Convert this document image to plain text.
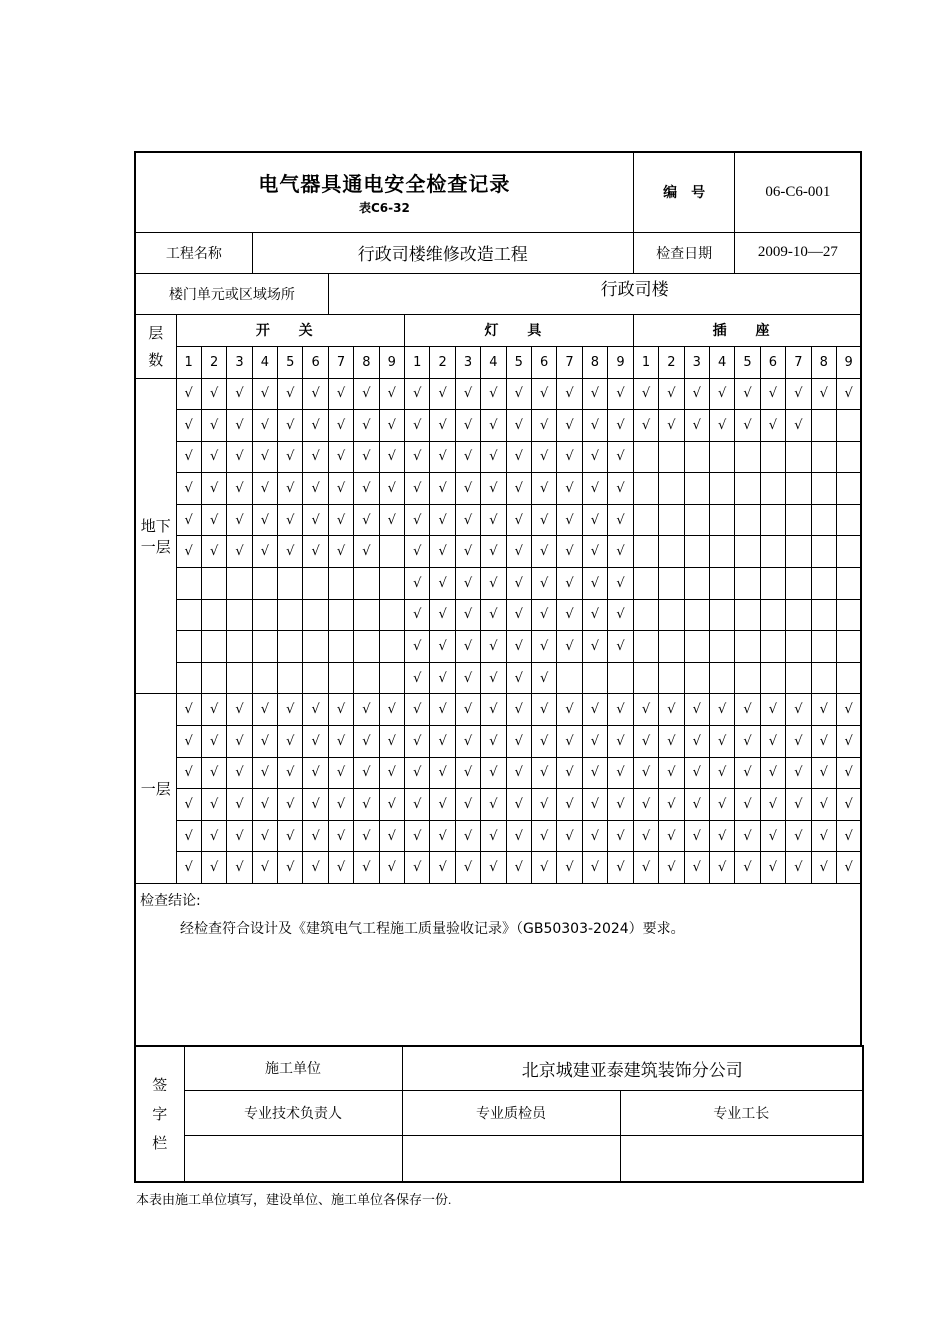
电气器具通电安全检查记录
表C6-32																			编　号				06-C6-001				
工程名称				行政司楼维修改造工程															检查日期				2009-10—27				
楼门单元或区域场所							行政司楼																				

层
数	开 关									灯 具									插 座								
	1	2	3	4	5	6	7	8	9	1	2	3	4	5	6	7	8	9	1	2	3	4	5	6	7	8	9

地下
一层	√	√	√	√	√	√	√	√	√	√	√	√	√	√	√	√	√	√	√	√	√	√	√	√	√	√	√
	√	√	√	√	√	√	√	√	√	√	√	√	√	√	√	√	√	√	√	√	√	√	√	√	√		
	√	√	√	√	√	√	√	√	√	√	√	√	√	√	√	√	√	√									
	√	√	√	√	√	√	√	√	√	√	√	√	√	√	√	√	√	√									
	√	√	√	√	√	√	√	√	√	√	√	√	√	√	√	√	√	√									
	√	√	√	√	√	√	√	√		√	√	√	√	√	√	√	√	√									
										√	√	√	√	√	√	√	√	√									
										√	√	√	√	√	√	√	√	√									
										√	√	√	√	√	√	√	√	√									
										√	√	√	√	√	√												
一层	√	√	√	√	√	√	√	√	√	√	√	√	√	√	√	√	√	√	√	√	√	√	√	√	√	√	√
	√	√	√	√	√	√	√	√	√	√	√	√	√	√	√	√	√	√	√	√	√	√	√	√	√	√	√
	√	√	√	√	√	√	√	√	√	√	√	√	√	√	√	√	√	√	√	√	√	√	√	√	√	√	√
	√	√	√	√	√	√	√	√	√	√	√	√	√	√	√	√	√	√	√	√	√	√	√	√	√	√	√
	√	√	√	√	√	√	√	√	√	√	√	√	√	√	√	√	√	√	√	√	√	√	√	√	√	√	√
	√	√	√	√	√	√	√	√	√	√	√	√	√	√	√	√	√	√	√	√	√	√	√	√	√	√	√

检查结论:
经检查符合设计及《建筑电气工程施工质量验收记录》（GB50303-2024）要求。																											
签
字
栏	施工单位	北京城建亚泰建筑装饰分公司	
	专业技术负责人	专业质检员	专业工长

本表由施工单位填写，建设单位、施工单位各保存一份.
